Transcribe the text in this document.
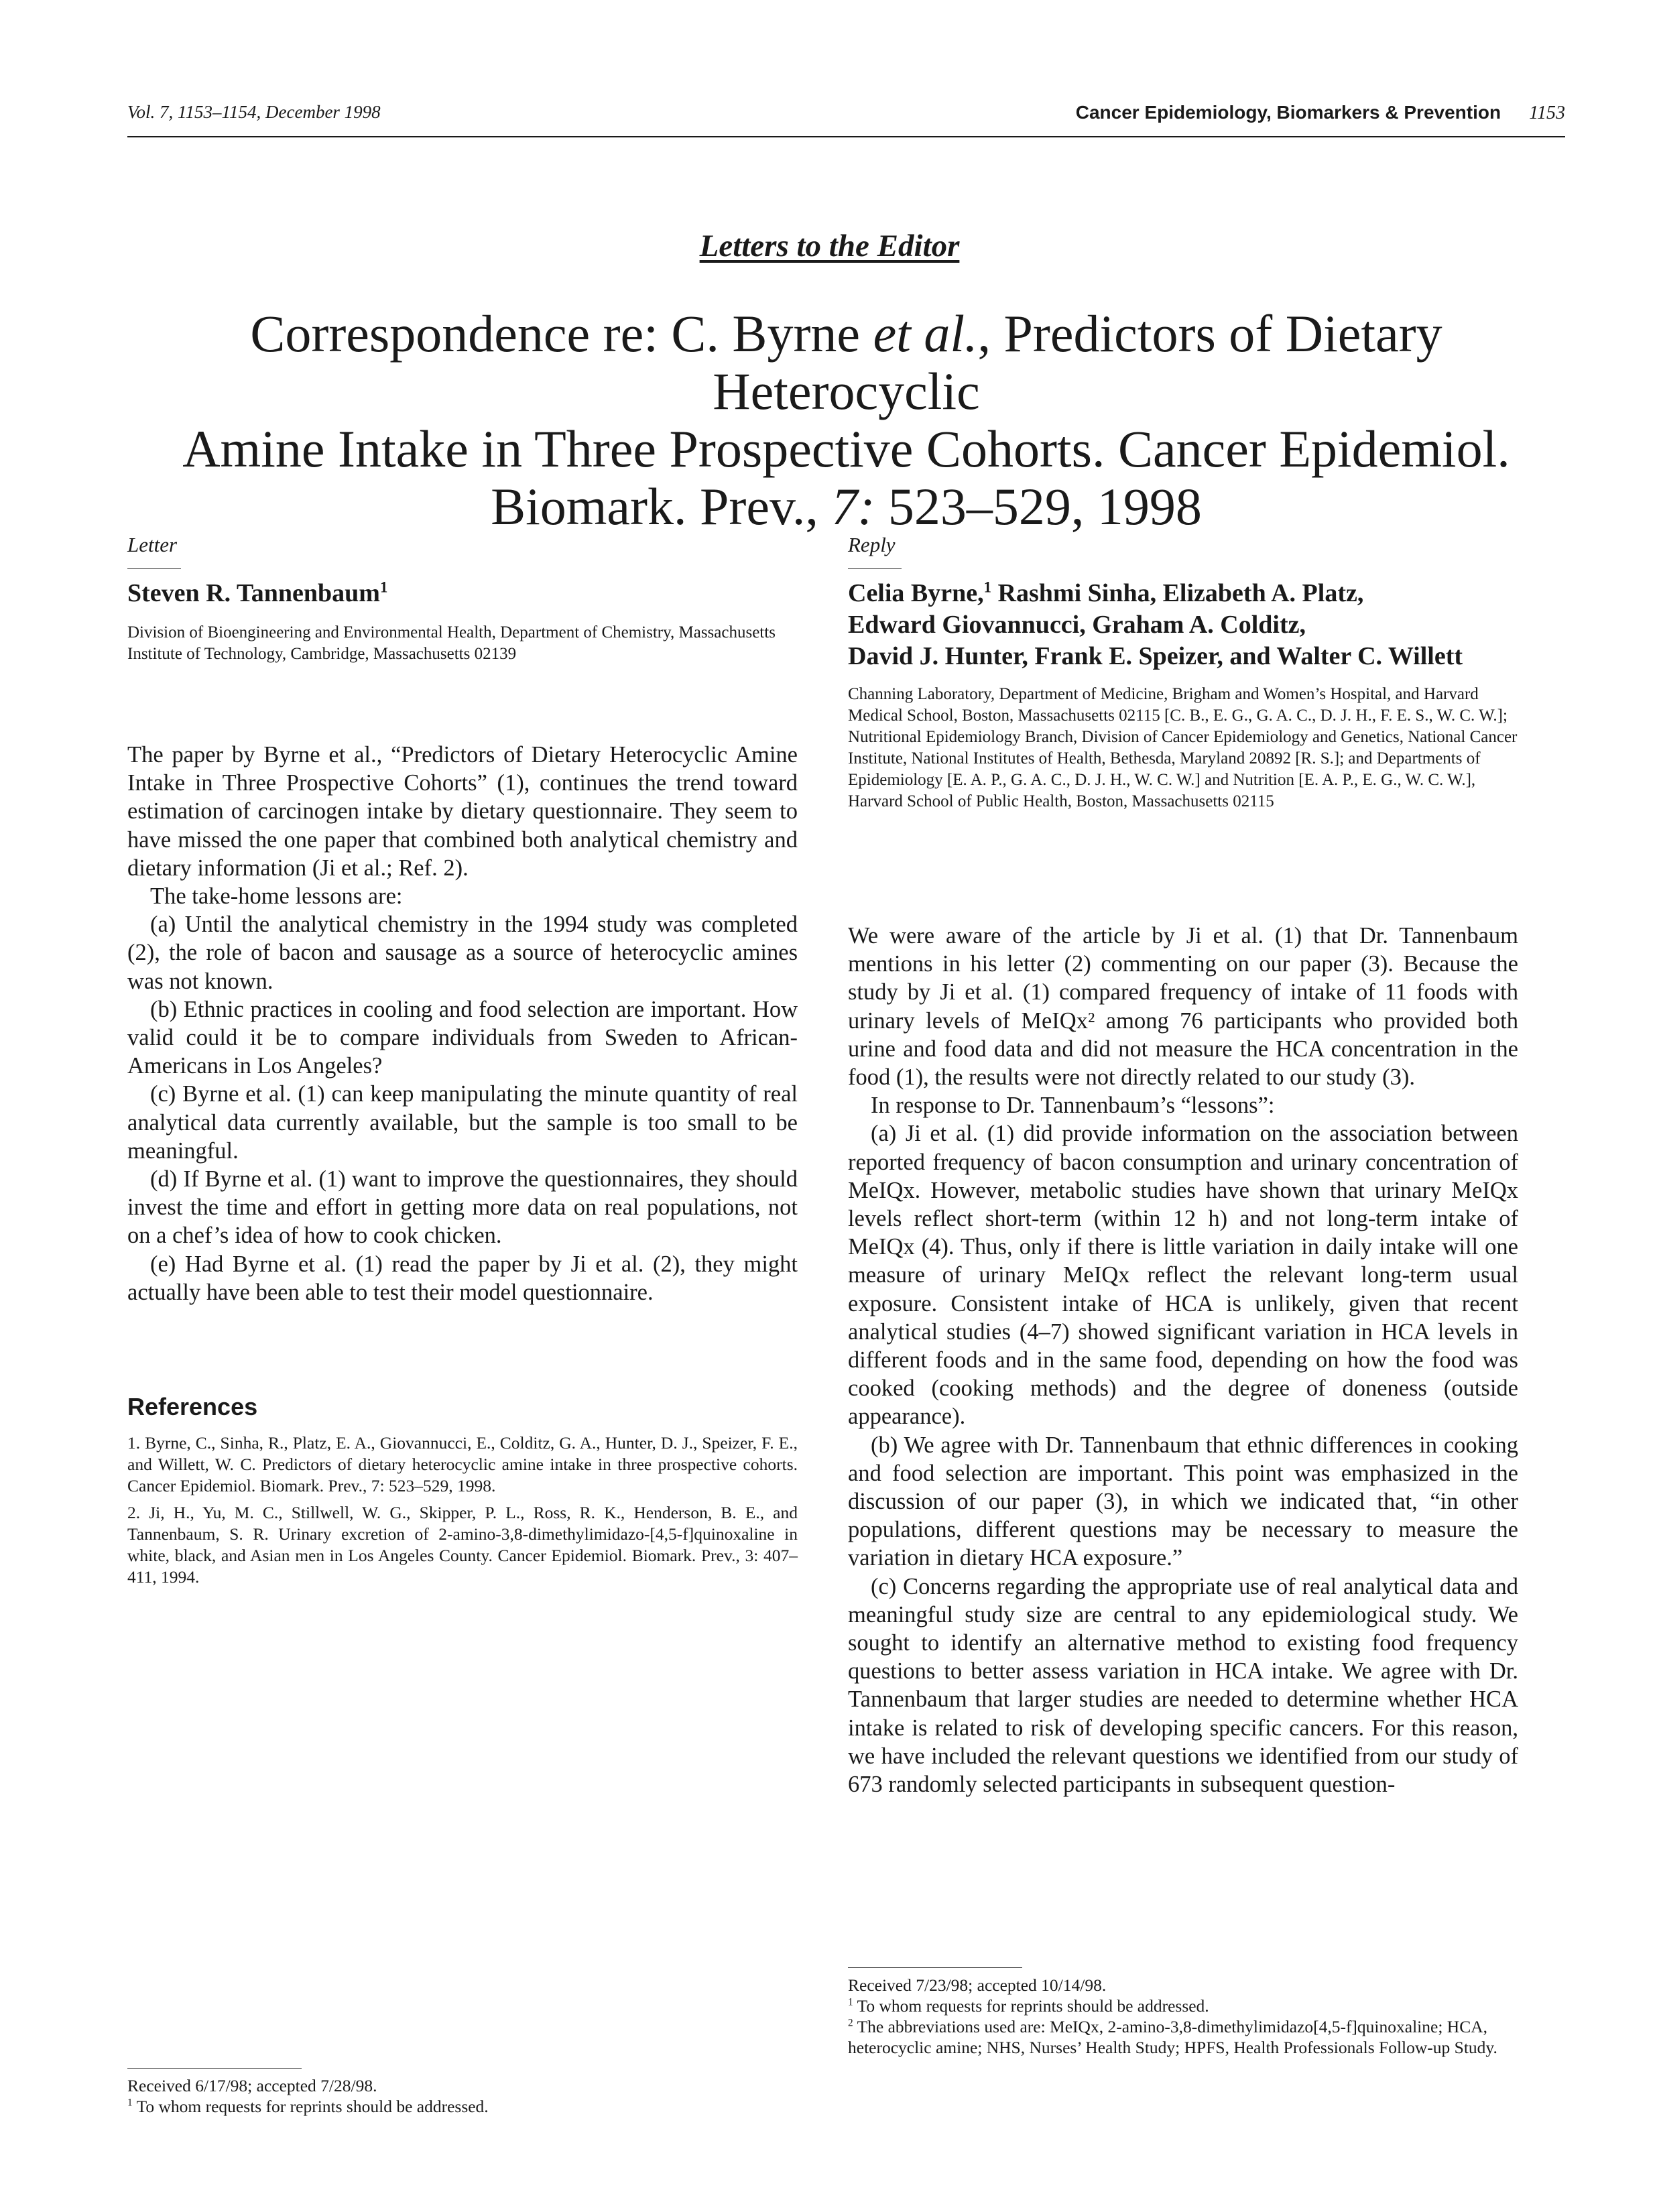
Vol. 7, 1153–1154, December 1998	Cancer Epidemiology, Biomarkers & Prevention 1153
Letters to the Editor
Correspondence re: C. Byrne et al., Predictors of Dietary Heterocyclic
Amine Intake in Three Prospective Cohorts. Cancer Epidemiol.
Biomark. Prev., 7: 523–529, 1998
Letter
Steven R. Tannenbaum$^1$
Division of Bioengineering and Environmental Health, Department of Chemistry, Massachusetts Institute of Technology, Cambridge, Massachusetts 02139

The paper by Byrne et al., “Predictors of Dietary Heterocyclic Amine Intake in Three Prospective Cohorts” (1), continues the trend toward estimation of carcinogen intake by dietary questionnaire. They seem to have missed the one paper that combined both analytical chemistry and dietary information (Ji et al.; Ref. 2).

The take-home lessons are:

(a) Until the analytical chemistry in the 1994 study was completed (2), the role of bacon and sausage as a source of heterocyclic amines was not known.

(b) Ethnic practices in cooling and food selection are important. How valid could it be to compare individuals from Sweden to African-Americans in Los Angeles?

(c) Byrne et al. (1) can keep manipulating the minute quantity of real analytical data currently available, but the sample is too small to be meaningful.

(d) If Byrne et al. (1) want to improve the questionnaires, they should invest the time and effort in getting more data on real populations, not on a chef’s idea of how to cook chicken.

(e) Had Byrne et al. (1) read the paper by Ji et al. (2), they might actually have been able to test their model questionnaire.

References
1. Byrne, C., Sinha, R., Platz, E. A., Giovannucci, E., Colditz, G. A., Hunter, D. J., Speizer, F. E., and Willett, W. C. Predictors of dietary heterocyclic amine intake in three prospective cohorts. Cancer Epidemiol. Biomark. Prev., 7: 523–529, 1998.
2. Ji, H., Yu, M. C., Stillwell, W. G., Skipper, P. L., Ross, R. K., Henderson, B. E., and Tannenbaum, S. R. Urinary excretion of 2-amino-3,8-dimethylimidazo-[4,5-f]quinoxaline in white, black, and Asian men in Los Angeles County. Cancer Epidemiol. Biomark. Prev., 3: 407–411, 1994.
Received 6/17/98; accepted 7/28/98.
$^1$ To whom requests for reprints should be addressed.
Reply
Celia Byrne,$^1$ Rashmi Sinha, Elizabeth A. Platz,
Edward Giovannucci, Graham A. Colditz,
David J. Hunter, Frank E. Speizer, and Walter C. Willett
Channing Laboratory, Department of Medicine, Brigham and Women’s Hospital, and Harvard Medical School, Boston, Massachusetts 02115 [C. B., E. G., G. A. C., D. J. H., F. E. S., W. C. W.]; Nutritional Epidemiology Branch, Division of Cancer Epidemiology and Genetics, National Cancer Institute, National Institutes of Health, Bethesda, Maryland 20892 [R. S.]; and Departments of Epidemiology [E. A. P., G. A. C., D. J. H., W. C. W.] and Nutrition [E. A. P., E. G., W. C. W.], Harvard School of Public Health, Boston, Massachusetts 02115

We were aware of the article by Ji et al. (1) that Dr. Tannenbaum mentions in his letter (2) commenting on our paper (3). Because the study by Ji et al. (1) compared frequency of intake of 11 foods with urinary levels of MeIQx² among 76 participants who provided both urine and food data and did not measure the HCA concentration in the food (1), the results were not directly related to our study (3).

In response to Dr. Tannenbaum’s “lessons”:

(a) Ji et al. (1) did provide information on the association between reported frequency of bacon consumption and urinary concentration of MeIQx. However, metabolic studies have shown that urinary MeIQx levels reflect short-term (within 12 h) and not long-term intake of MeIQx (4). Thus, only if there is little variation in daily intake will one measure of urinary MeIQx reflect the relevant long-term usual exposure. Consistent intake of HCA is unlikely, given that recent analytical studies (4–7) showed significant variation in HCA levels in different foods and in the same food, depending on how the food was cooked (cooking methods) and the degree of doneness (outside appearance).

(b) We agree with Dr. Tannenbaum that ethnic differences in cooking and food selection are important. This point was emphasized in the discussion of our paper (3), in which we indicated that, “in other populations, different questions may be necessary to measure the variation in dietary HCA exposure.”

(c) Concerns regarding the appropriate use of real analytical data and meaningful study size are central to any epidemiological study. We sought to identify an alternative method to existing food frequency questions to better assess variation in HCA intake. We agree with Dr. Tannenbaum that larger studies are needed to determine whether HCA intake is related to risk of developing specific cancers. For this reason, we have included the relevant questions we identified from our study of 673 randomly selected participants in subsequent question-

Received 7/23/98; accepted 10/14/98.
$^1$ To whom requests for reprints should be addressed.
$^2$ The abbreviations used are: MeIQx, 2-amino-3,8-dimethylimidazo[4,5-f]quinoxaline; HCA, heterocyclic amine; NHS, Nurses’ Health Study; HPFS, Health Professionals Follow-up Study.
